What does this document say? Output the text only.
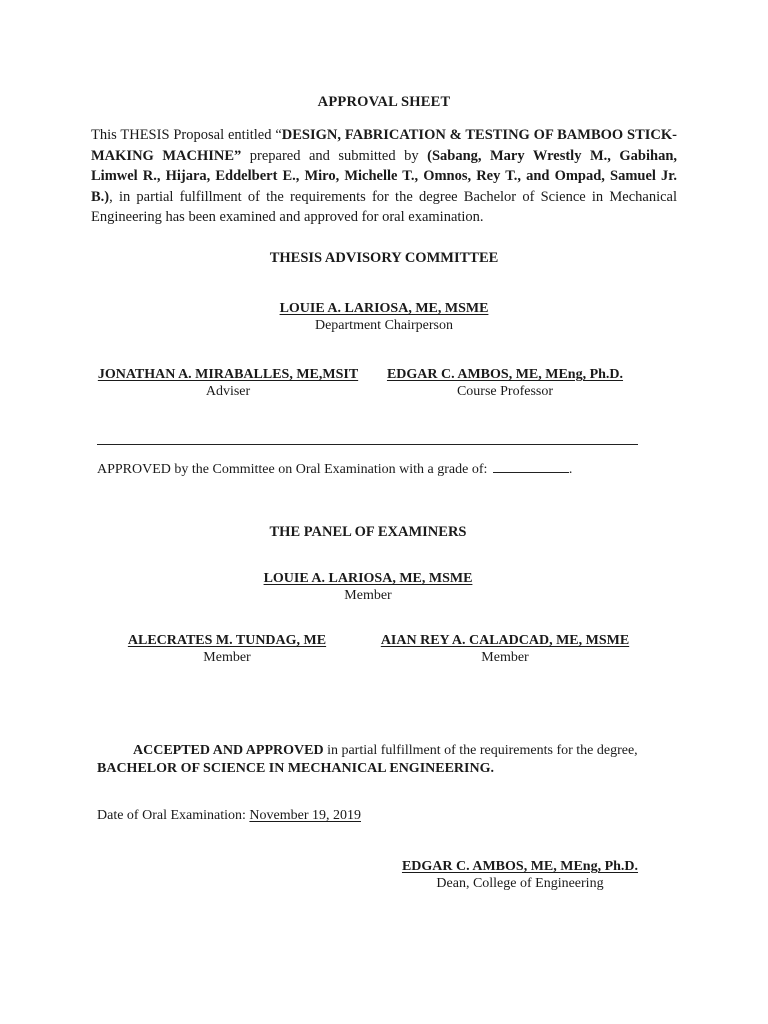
APPROVAL SHEET
This THESIS Proposal entitled “DESIGN, FABRICATION & TESTING OF BAMBOO STICK-MAKING MACHINE” prepared and submitted by (Sabang, Mary Wrestly M., Gabihan, Limwel R., Hijara, Eddelbert E., Miro, Michelle T., Omnos, Rey T., and Ompad, Samuel Jr. B.), in partial fulfillment of the requirements for the degree Bachelor of Science in Mechanical Engineering has been examined and approved for oral examination.
THESIS ADVISORY COMMITTEE
LOUIE A. LARIOSA, ME, MSME
Department Chairperson
JONATHAN A. MIRABALLES, ME,MSIT
Adviser
EDGAR C. AMBOS, ME, MEng, Ph.D.
Course Professor
APPROVED by the Committee on Oral Examination with a grade of:	.
THE PANEL OF EXAMINERS
LOUIE A. LARIOSA, ME, MSME
Member
ALECRATES M. TUNDAG, ME
Member
AIAN REY A. CALADCAD, ME, MSME
Member
ACCEPTED AND APPROVED in partial fulfillment of the requirements for the degree,
BACHELOR OF SCIENCE IN MECHANICAL ENGINEERING.
Date of Oral Examination: November 19, 2019
EDGAR C. AMBOS, ME, MEng, Ph.D.
Dean, College of Engineering
